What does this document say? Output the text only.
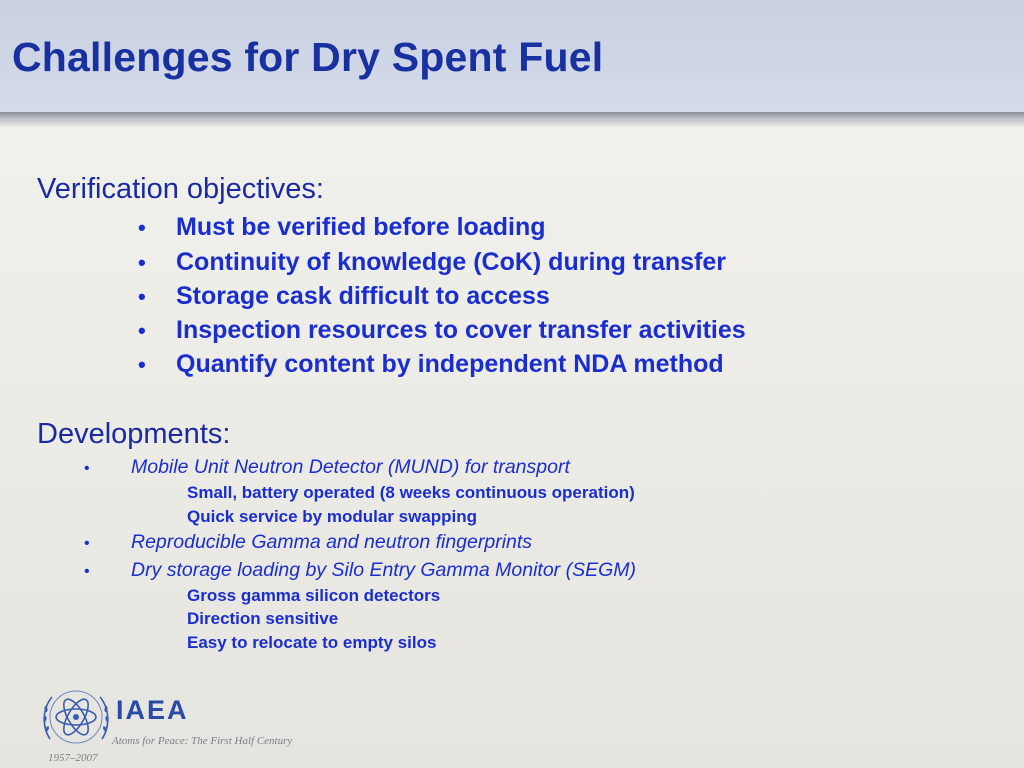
Challenges for Dry Spent Fuel
Verification objectives:

• Must be verified before loading

• Continuity of knowledge (CoK) during transfer

• Storage cask difficult to access

• Inspection resources to cover transfer activities

• Quantify content by independent NDA method

Developments:

• Mobile Unit Neutron Detector (MUND) for transport

Small, battery operated (8 weeks continuous operation)

Quick service by modular swapping

• Reproducible Gamma and neutron fingerprints

• Dry storage loading by Silo Entry Gamma Monitor (SEGM)

Gross gamma silicon detectors

Direction sensitive

Easy to relocate to empty silos

IAEA

Atoms for Peace: The First Half Century

1957–2007
